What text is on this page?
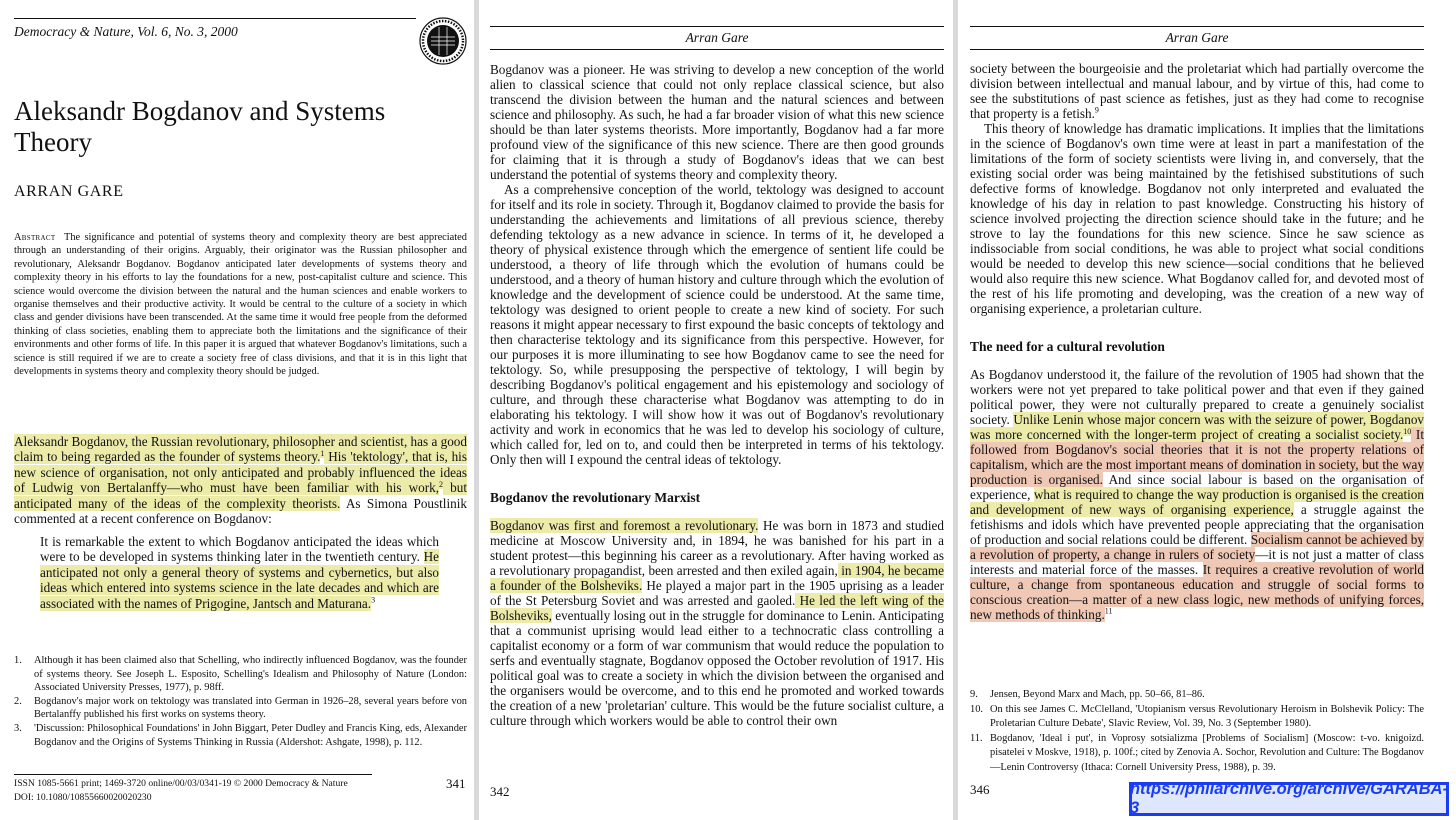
Democracy & Nature, Vol. 6, No. 3, 2000
Aleksandr Bogdanov and Systems Theory
ARRAN GARE

Abstract The significance and potential of systems theory and complexity theory are best appreciated through an understanding of their origins. Arguably, their originator was the Russian philosopher and revolutionary, Aleksandr Bogdanov. Bogdanov anticipated later developments of systems theory and complexity theory in his efforts to lay the foundations for a new, post-capitalist culture and science. This science would overcome the division between the natural and the human sciences and enable workers to organise themselves and their productive activity. It would be central to the culture of a society in which class and gender divisions have been transcended. At the same time it would free people from the deformed thinking of class societies, enabling them to appreciate both the limitations and the significance of their environments and other forms of life. In this paper it is argued that whatever Bogdanov's limitations, such a science is still required if we are to create a society free of class divisions, and that it is in this light that developments in systems theory and complexity theory should be judged.

Aleksandr Bogdanov, the Russian revolutionary, philosopher and scientist, has a good claim to being regarded as the founder of systems theory.$^1$ His 'tektology', that is, his new science of organisation, not only anticipated and probably influenced the ideas of Ludwig von Bertalanffy—who must have been familiar with his work,$^2$ but anticipated many of the ideas of the complexity theorists. As Simona Poustlinik commented at a recent conference on Bogdanov:

It is remarkable the extent to which Bogdanov anticipated the ideas which were to be developed in systems thinking later in the twentieth century. He anticipated not only a general theory of systems and cybernetics, but also ideas which entered into systems science in the late decades and which are associated with the names of Prigogine, Jantsch and Maturana.$^3$

1.	Although it has been claimed also that Schelling, who indirectly influenced Bogdanov, was the founder of systems theory. See Joseph L. Esposito, Schelling's Idealism and Philosophy of Nature (London: Associated University Presses, 1977), p. 98ff.
2.	Bogdanov's major work on tektology was translated into German in 1926–28, several years before von Bertalanffy published his first works on systems theory.
3.	'Discussion: Philosophical Foundations' in John Biggart, Peter Dudley and Francis King, eds, Alexander Bogdanov and the Origins of Systems Thinking in Russia (Aldershot: Ashgate, 1998), p. 112.
ISSN 1085-5661 print; 1469-3720 online/00/03/0341-19 © 2000 Democracy & Nature
DOI: 10.1080/10855660020020230
341
Arran Gare

Bogdanov was a pioneer. He was striving to develop a new conception of the world alien to classical science that could not only replace classical science, but also transcend the division between the human and the natural sciences and between science and philosophy. As such, he had a far broader vision of what this new science should be than later systems theorists. More importantly, Bogdanov had a far more profound view of the significance of this new science. There are then good grounds for claiming that it is through a study of Bogdanov's ideas that we can best understand the potential of systems theory and complexity theory.

As a comprehensive conception of the world, tektology was designed to account for itself and its role in society. Through it, Bogdanov claimed to provide the basis for understanding the achievements and limitations of all previous science, thereby defending tektology as a new advance in science. In terms of it, he developed a theory of physical existence through which the emergence of sentient life could be understood, a theory of life through which the evolution of humans could be understood, and a theory of human history and culture through which the evolution of knowledge and the development of science could be understood. At the same time, tektology was designed to orient people to create a new kind of society. For such reasons it might appear necessary to first expound the basic concepts of tektology and then characterise tektology and its significance from this perspective. However, for our purposes it is more illuminating to see how Bogdanov came to see the need for tektology. So, while presupposing the perspective of tektology, I will begin by describing Bogdanov's political engagement and his epistemology and sociology of culture, and through these characterise what Bogdanov was attempting to do in elaborating his tektology. I will show how it was out of Bogdanov's revolutionary activity and work in economics that he was led to develop his sociology of culture, which called for, led on to, and could then be interpreted in terms of his tektology. Only then will I expound the central ideas of tektology.

Bogdanov the revolutionary Marxist

Bogdanov was first and foremost a revolutionary. He was born in 1873 and studied medicine at Moscow University and, in 1894, he was banished for his part in a student protest—this beginning his career as a revolutionary. After having worked as a revolutionary propagandist, been arrested and then exiled again, in 1904, he became a founder of the Bolsheviks. He played a major part in the 1905 uprising as a leader of the St Petersburg Soviet and was arrested and gaoled. He led the left wing of the Bolsheviks, eventually losing out in the struggle for dominance to Lenin. Anticipating that a communist uprising would lead either to a technocratic class controlling a capitalist economy or a form of war communism that would reduce the population to serfs and eventually stagnate, Bogdanov opposed the October revolution of 1917. His political goal was to create a society in which the division between the organised and the organisers would be overcome, and to this end he promoted and worked towards the creation of a new 'proletarian' culture. This would be the future socialist culture, a culture through which workers would be able to control their own

342
Arran Gare

society between the bourgeoisie and the proletariat which had partially overcome the division between intellectual and manual labour, and by virtue of this, had come to see the substitutions of past science as fetishes, just as they had come to recognise that property is a fetish.$^9$

This theory of knowledge has dramatic implications. It implies that the limitations in the science of Bogdanov's own time were at least in part a manifestation of the limitations of the form of society scientists were living in, and conversely, that the existing social order was being maintained by the fetishised substitutions of such defective forms of knowledge. Bogdanov not only interpreted and evaluated the knowledge of his day in relation to past knowledge. Constructing his history of science involved projecting the direction science should take in the future; and he strove to lay the foundations for this new science. Since he saw science as indissociable from social conditions, he was able to project what social conditions would be needed to develop this new science—social conditions that he believed would also require this new science. What Bogdanov called for, and devoted most of the rest of his life promoting and developing, was the creation of a new way of organising experience, a proletarian culture.

The need for a cultural revolution

As Bogdanov understood it, the failure of the revolution of 1905 had shown that the workers were not yet prepared to take political power and that even if they gained political power, they were not culturally prepared to create a genuinely socialist society. Unlike Lenin whose major concern was with the seizure of power, Bogdanov was more concerned with the longer-term project of creating a socialist society.$^{10}$ It followed from Bogdanov's social theories that it is not the property relations of capitalism, which are the most important means of domination in society, but the way production is organised. And since social labour is based on the organisation of experience, what is required to change the way production is organised is the creation and development of new ways of organising experience, a struggle against the fetishisms and idols which have prevented people appreciating that the organisation of production and social relations could be different. Socialism cannot be achieved by a revolution of property, a change in rulers of society—it is not just a matter of class interests and material force of the masses. It requires a creative revolution of world culture, a change from spontaneous education and struggle of social forms to conscious creation—a matter of a new class logic, new methods of unifying forces, new methods of thinking.$^{11}$

9.	Jensen, Beyond Marx and Mach, pp. 50–66, 81–86.
10. On this see James C. McClelland, 'Utopianism versus Revolutionary Heroism in Bolshevik Policy: The Proletarian Culture Debate', Slavic Review, Vol. 39, No. 3 (September 1980).
11. Bogdanov, 'Ideal i put', in Voprosy sotsializma [Problems of Socialism] (Moscow: t-vo. knigoizd. pisatelei v Moskve, 1918), p. 100f.; cited by Zenovia A. Sochor, Revolution and Culture: The Bogdanov—Lenin Controversy (Ithaca: Cornell University Press, 1988), p. 39.
346	https://philarchive.org/archive/GARABA-3
